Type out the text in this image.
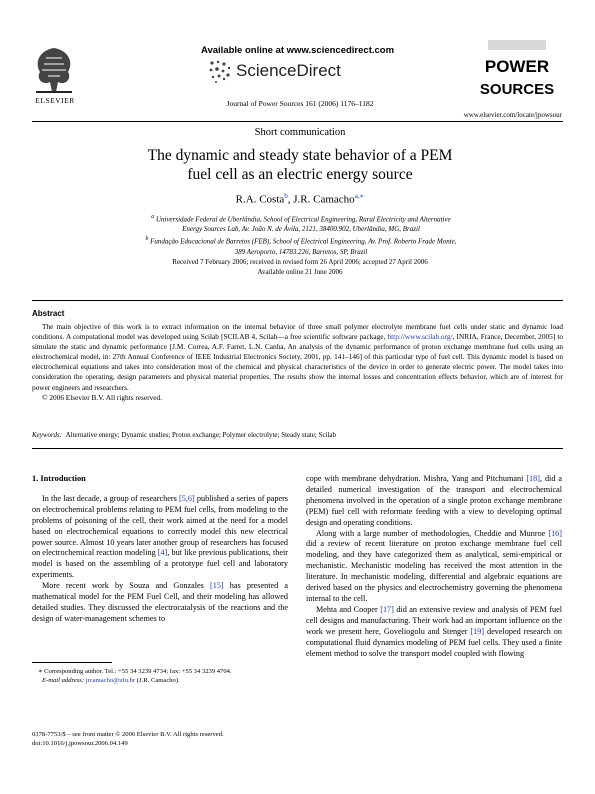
ELSEVIER
Available online at www.sciencedirect.com
ScienceDirect
Journal of Power Sources 161 (2006) 1176–1182
POWER
SOURCES
www.elsevier.com/locate/jpowsour
Short communication
The dynamic and steady state behavior of a PEM
fuel cell as an electric energy source
R.A. Costa$^b$, J.R. Camacho$^{a,∗}$
$^a$ Universidade Federal de Uberlândia, School of Electrical Engineering, Rural Electricity and Alternative
Energy Sources Lab, Av. João N. de Ávila, 2121, 38400.902, Uberlândia, MG, Brazil
$^b$ Fundação Educacional de Barretos (FEB), School of Electrical Engineering, Av. Prof. Roberto Frade Monte,
389 Aeroporto, 14783.226, Barretos, SP, Brazil
Received 7 February 2006; received in revised form 26 April 2006; accepted 27 April 2006
Available online 21 June 2006
Abstract

The main objective of this work is to extract information on the internal behavior of three small polymer electrolyte membrane fuel cells under static and dynamic load conditions. A computational model was developed using Scilab [SCILAB 4, Scilab—a free scientific software package, http://www.scilab.org/, INRIA, France, December, 2005] to simulate the static and dynamic performance [J.M. Correa, A.F. Farret, L.N. Canha, An analysis of the dynamic performance of proton exchange membrane fuel cells using an electrochemical model, in: 27th Annual Conference of IEEE Industrial Electronics Society, 2001, pp. 141–146] of this particular type of fuel cell. This dynamic model is based on electrochemical equations and takes into consideration most of the chemical and physical characteristics of the device in order to generate electric power. The model takes into consideration the operating, design parameters and physical material properties. The results show the internal losses and concentration effects behavior, which are of interest for power engineers and researchers.

© 2006 Elsevier B.V. All rights reserved.

Keywords: Alternative energy; Dynamic studies; Proton exchange; Polymer electrolyte; Steady state; Scilab
1. Introduction

In the last decade, a group of researchers [5,6] published a series of papers on electrochemical problems relating to PEM fuel cells, from modeling to the problems of poisoning of the cell, their work aimed at the need for a model based on electrochemical equations to correctly model this new electrical power source. Almost 10 years later another group of researchers has focused on electrochemical reaction modeling [4], but like previous publications, their model is based on the assembling of a prototype fuel cell and laboratory experiments.

More recent work by Souza and Gonzales [15] has presented a mathematical model for the PEM Fuel Cell, and their modeling has allowed detailed studies. They discussed the electrocatalysis of the reactions and the design of water-management schemes to

cope with membrane dehydration. Mishra, Yang and Pitchumani [18], did a detailed numerical investigation of the transport and electrochemical phenomena involved in the operation of a single proton exchange membrane (PEM) fuel cell with reformate feeding with a view to developing optimal design and operating conditions.

Along with a large number of methodologies, Cheddie and Munroe [16] did a review of recent literature on proton exchange membrane fuel cell modeling, and they have categorized them as analytical, semi-empirical or mechanistic. Mechanistic modeling has received the most attention in the literature. In mechanistic modeling, differential and algebraic equations are derived based on the physics and electrochemistry governing the phenomena internal to the cell.

Mehta and Cooper [17] did an extensive review and analysis of PEM fuel cell designs and manufacturing. Their work had an important influence on the work we present here, Goveliogolu and Stenger [19] developed research on computational fluid dynamics modeling of PEM fuel cells. They used a finite element method to solve the transport model coupled with flowing

∗ Corresponding author. Tel.: +55 34 3239 4734; fax: +55 34 3239 4704.
E-mail address: jrcamacho@ufu.br (J.R. Camacho).
0378-7753/$ – see front matter © 2006 Elsevier B.V. All rights reserved.
doi:10.1016/j.jpowsour.2006.04.149
